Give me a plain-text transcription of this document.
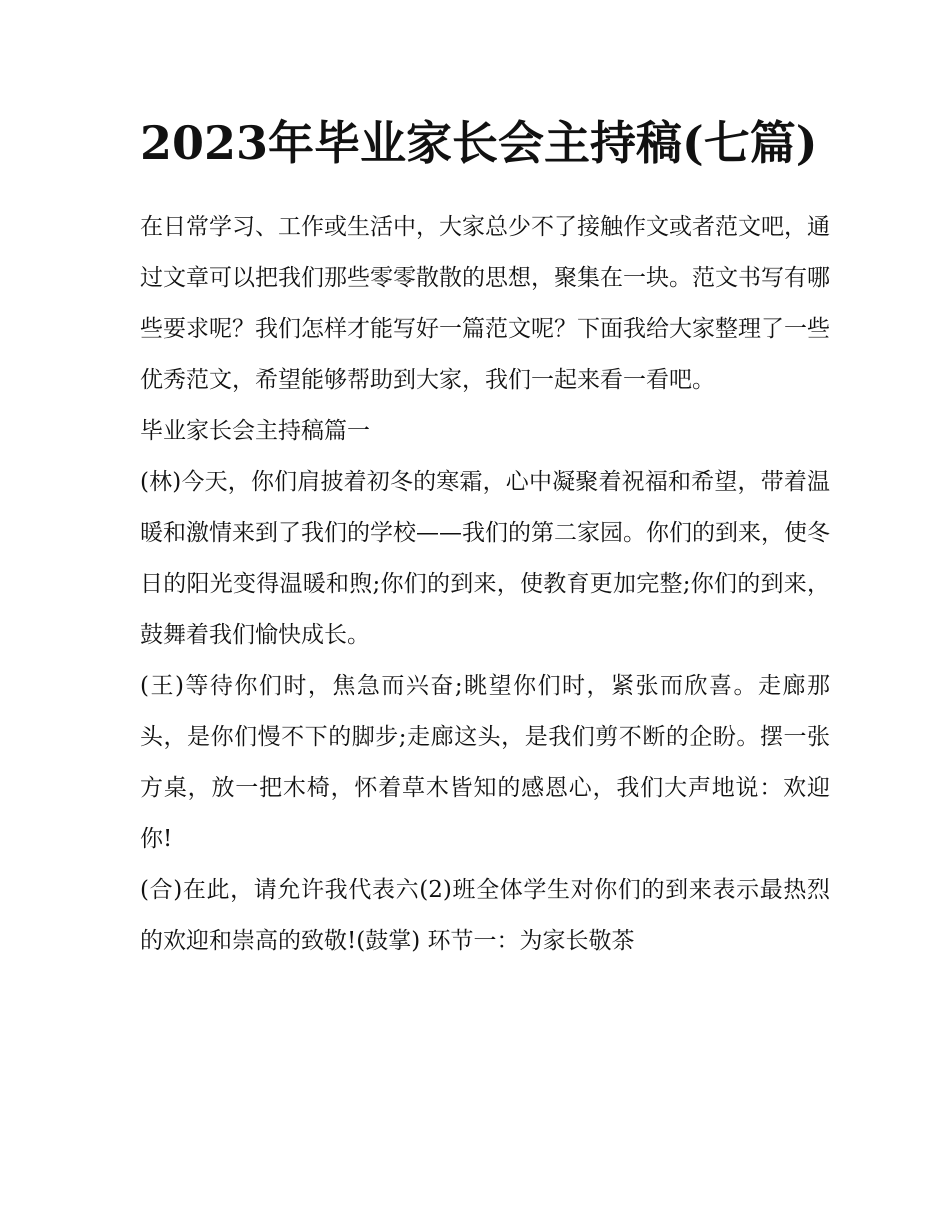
2023年毕业家长会主持稿(七篇)

在日常学习、工作或生活中，大家总少不了接触作文或者范文吧，通过文章可以把我们那些零零散散的思想，聚集在一块。范文书写有哪些要求呢？我们怎样才能写好一篇范文呢？下面我给大家整理了一些优秀范文，希望能够帮助到大家，我们一起来看一看吧。

毕业家长会主持稿篇一

(林)今天，你们肩披着初冬的寒霜，心中凝聚着祝福和希望，带着温暖和激情来到了我们的学校——我们的第二家园。你们的到来，使冬日的阳光变得温暖和煦;你们的到来，使教育更加完整;你们的到来，鼓舞着我们愉快成长。

(王)等待你们时，焦急而兴奋;眺望你们时，紧张而欣喜。走廊那头，是你们慢不下的脚步;走廊这头，是我们剪不断的企盼。摆一张方桌，放一把木椅，怀着草木皆知的感恩心，我们大声地说：欢迎你!

(合)在此，请允许我代表六(2)班全体学生对你们的到来表示最热烈的欢迎和崇高的致敬!(鼓掌) 环节一：为家长敬茶
